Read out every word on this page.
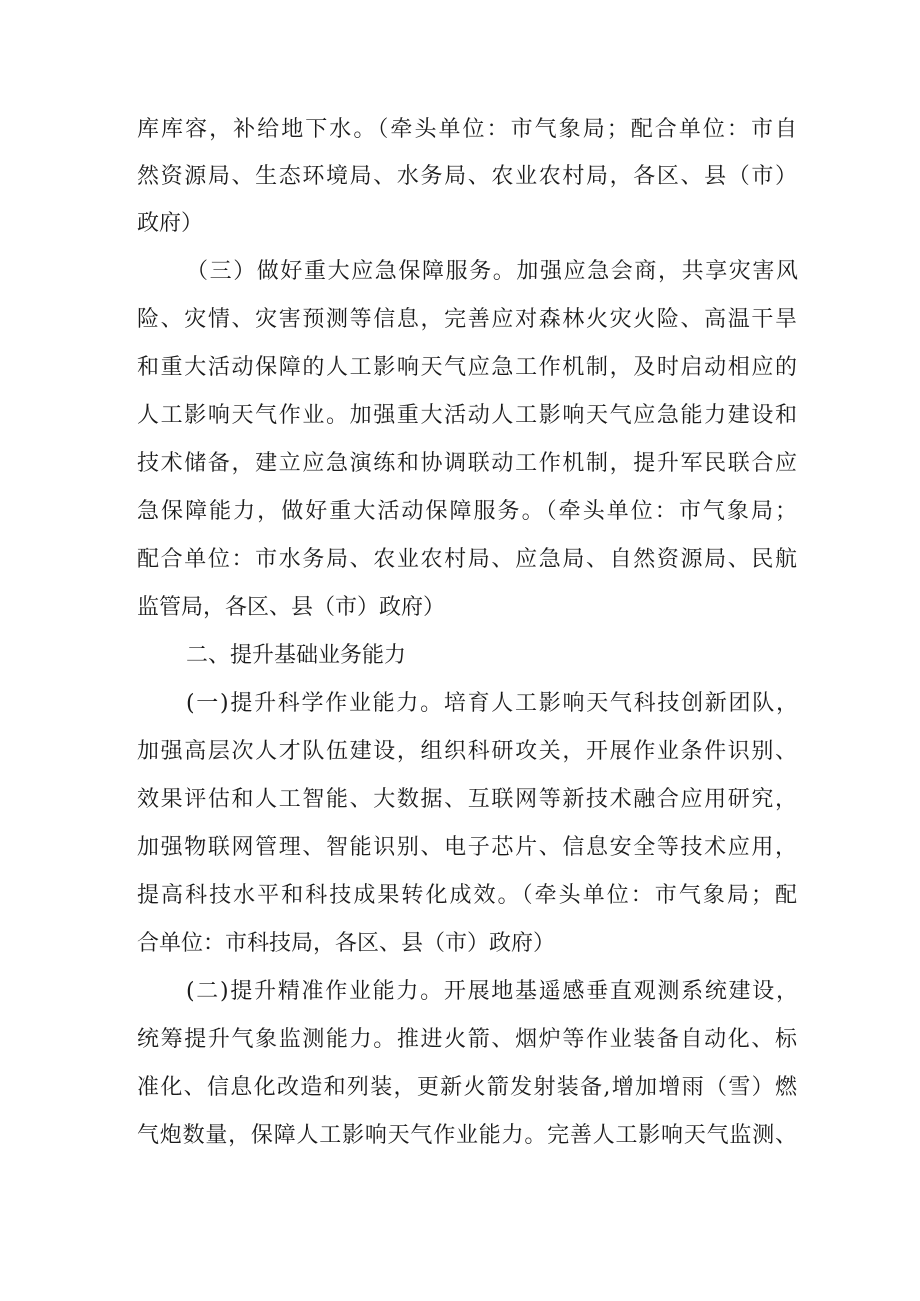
库库容，补给地下水。（牵头单位：市气象局；配合单位：市自
然资源局、生态环境局、水务局、农业农村局，各区、县（市）
政府）
（三）做好重大应急保障服务。加强应急会商，共享灾害风
险、灾情、灾害预测等信息，完善应对森林火灾火险、高温干旱
和重大活动保障的人工影响天气应急工作机制，及时启动相应的
人工影响天气作业。加强重大活动人工影响天气应急能力建设和
技术储备，建立应急演练和协调联动工作机制，提升军民联合应
急保障能力，做好重大活动保障服务。（牵头单位：市气象局；
配合单位：市水务局、农业农村局、应急局、自然资源局、民航
监管局，各区、县（市）政府）
二、提升基础业务能力
(一)提升科学作业能力。培育人工影响天气科技创新团队，
加强高层次人才队伍建设，组织科研攻关，开展作业条件识别、
效果评估和人工智能、大数据、互联网等新技术融合应用研究，
加强物联网管理、智能识别、电子芯片、信息安全等技术应用，
提高科技水平和科技成果转化成效。（牵头单位：市气象局；配
合单位：市科技局，各区、县（市）政府）
(二)提升精准作业能力。开展地基遥感垂直观测系统建设，
统筹提升气象监测能力。推进火箭、烟炉等作业装备自动化、标
准化、信息化改造和列装，更新火箭发射装备,增加增雨（雪）燃
气炮数量，保障人工影响天气作业能力。完善人工影响天气监测、
